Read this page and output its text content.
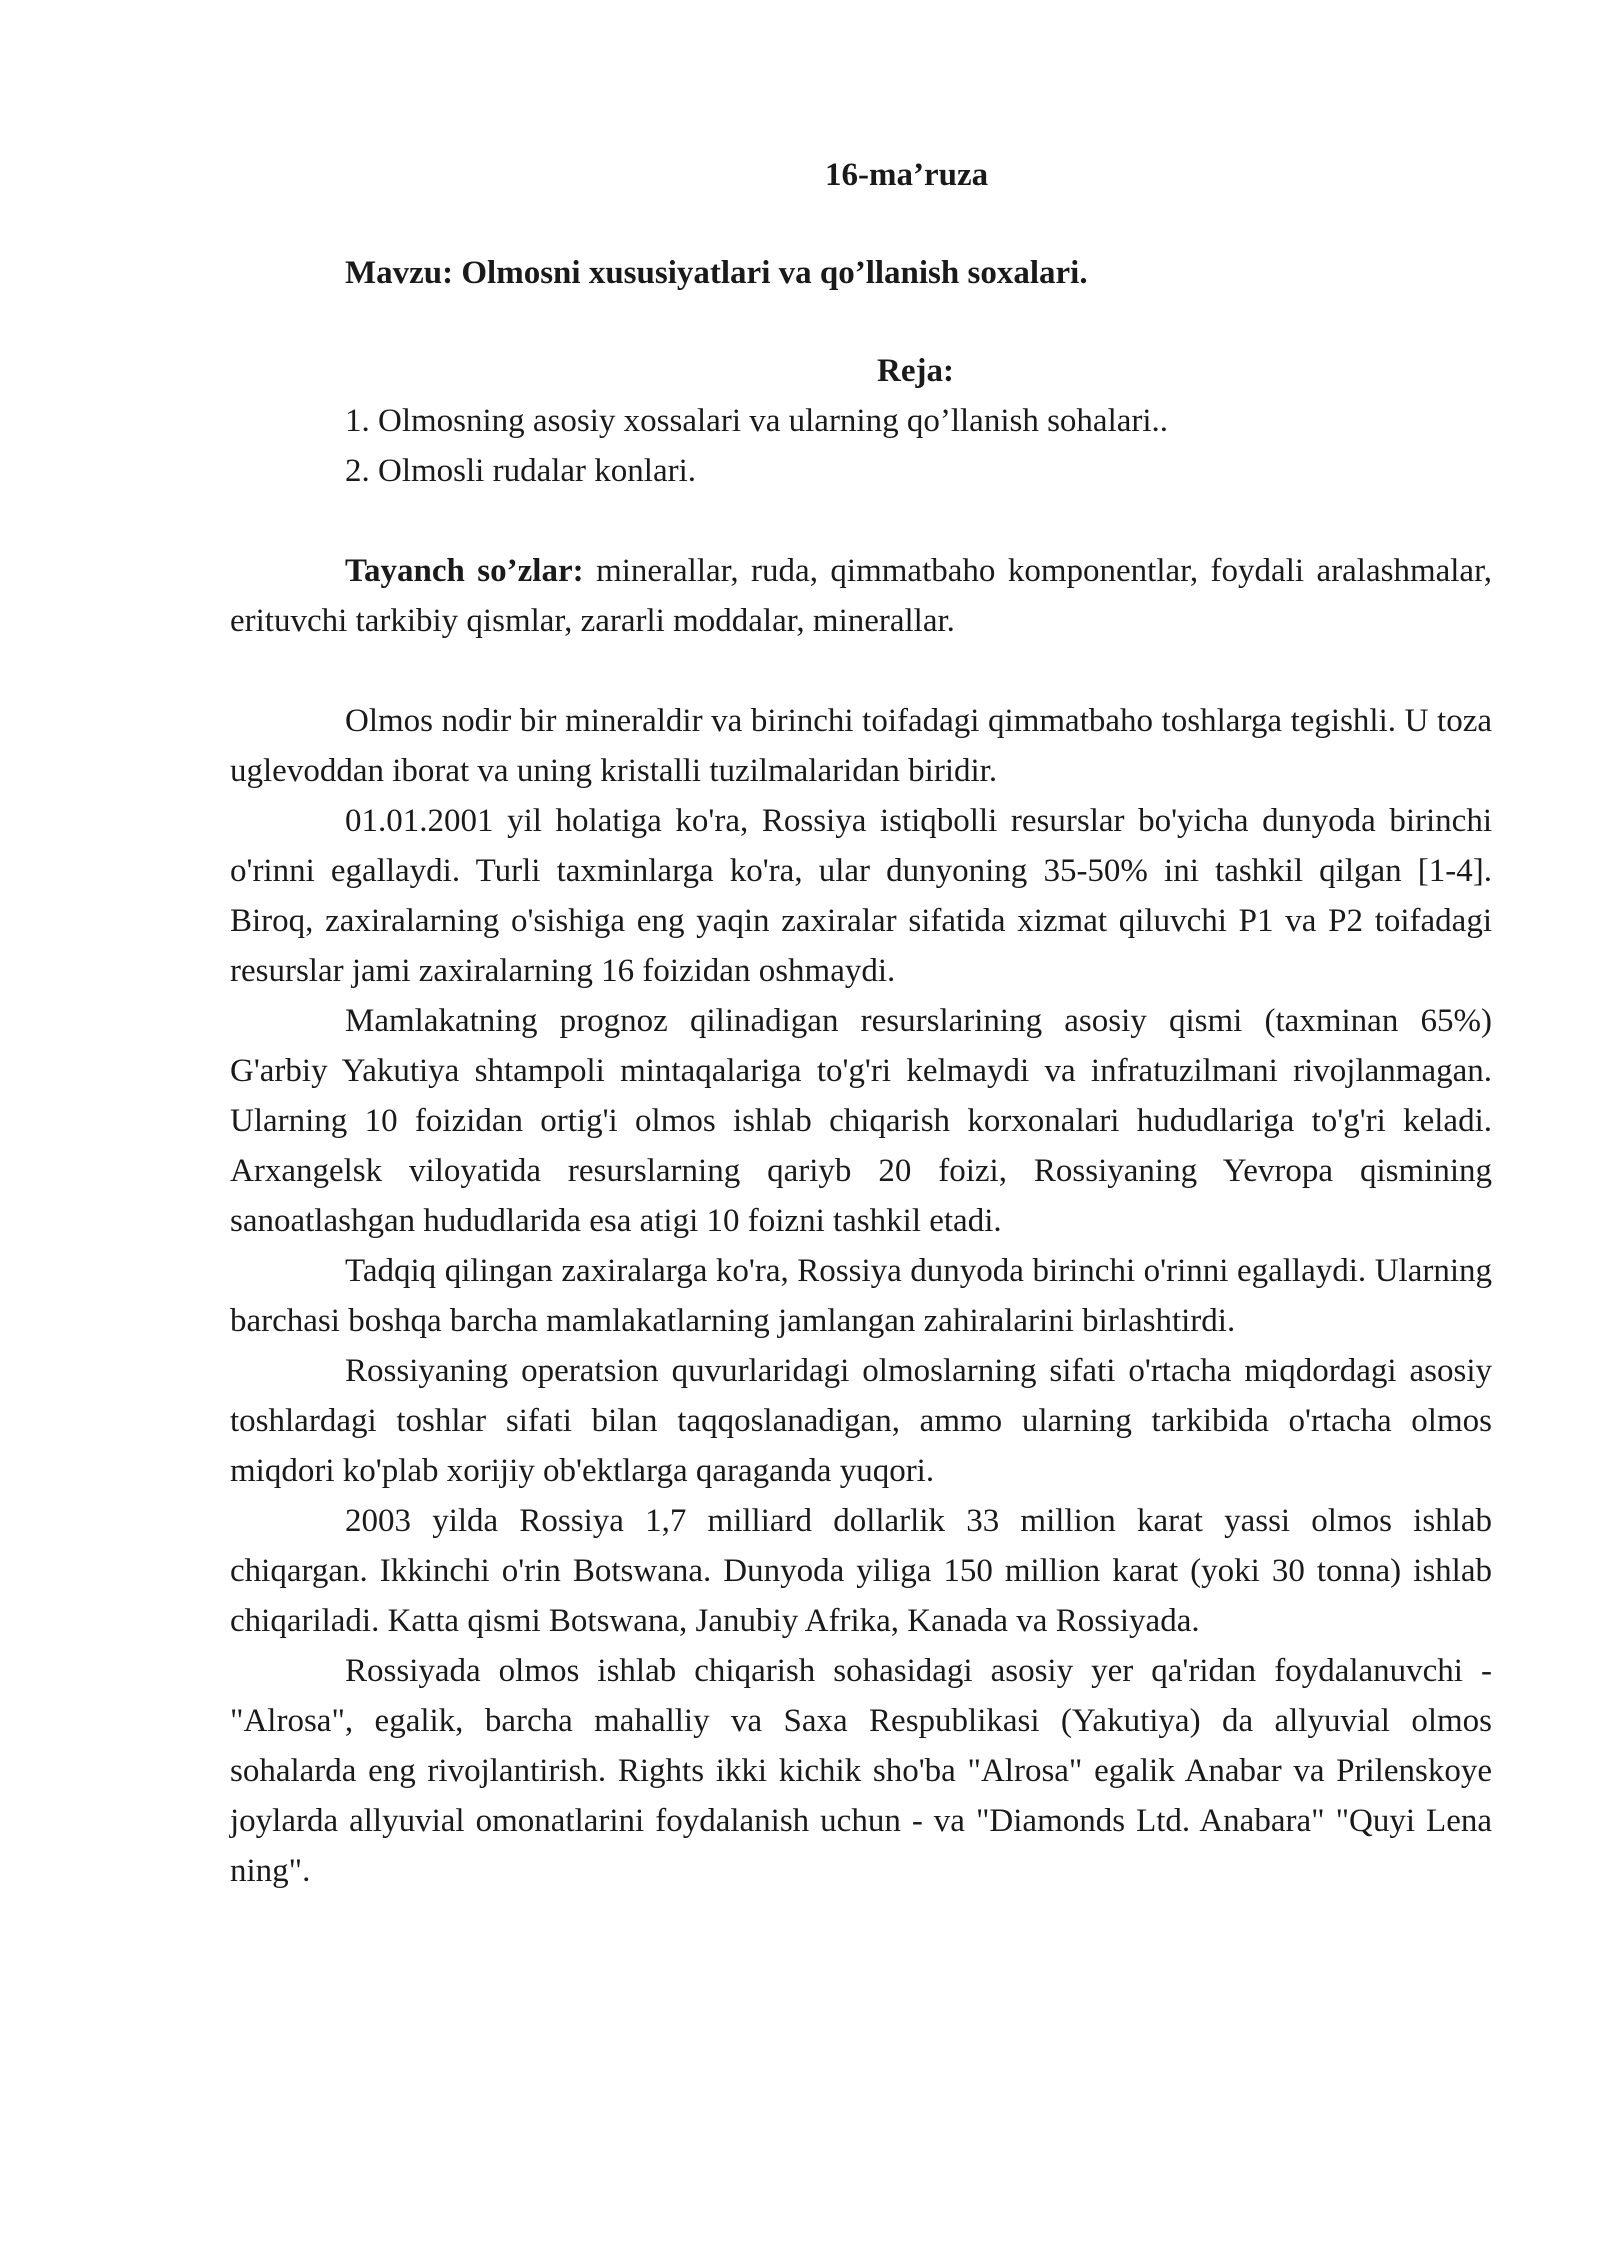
16-ma’ruza
Mavzu: Olmosni xususiyatlari va qo’llanish soxalari.
Reja:
1. Olmosning asosiy xossalari va ularning qo’llanish sohalari..
2. Olmosli rudalar konlari.

Tayanch so’zlar: minerallar, ruda, qimmatbaho komponentlar, foydali aralashmalar, erituvchi tarkibiy qismlar, zararli moddalar, minerallar.

Olmos nodir bir mineraldir va birinchi toifadagi qimmatbaho toshlarga tegishli. U toza uglevoddan iborat va uning kristalli tuzilmalaridan biridir.

01.01.2001 yil holatiga ko'ra, Rossiya istiqbolli resurslar bo'yicha dunyoda birinchi o'rinni egallaydi. Turli taxminlarga ko'ra, ular dunyoning 35-50% ini tashkil qilgan [1-4]. Biroq, zaxiralarning o'sishiga eng yaqin zaxiralar sifatida xizmat qiluvchi P1 va P2 toifadagi resurslar jami zaxiralarning 16 foizidan oshmaydi.

Mamlakatning prognoz qilinadigan resurslarining asosiy qismi (taxminan 65%) G'arbiy Yakutiya shtampoli mintaqalariga to'g'ri kelmaydi va infratuzilmani rivojlanmagan. Ularning 10 foizidan ortig'i olmos ishlab chiqarish korxonalari hududlariga to'g'ri keladi. Arxangelsk viloyatida resurslarning qariyb 20 foizi, Rossiyaning Yevropa qismining sanoatlashgan hududlarida esa atigi 10 foizni tashkil etadi.

Tadqiq qilingan zaxiralarga ko'ra, Rossiya dunyoda birinchi o'rinni egallaydi. Ularning barchasi boshqa barcha mamlakatlarning jamlangan zahiralarini birlashtirdi.

Rossiyaning operatsion quvurlaridagi olmoslarning sifati o'rtacha miqdordagi asosiy toshlardagi toshlar sifati bilan taqqoslanadigan, ammo ularning tarkibida o'rtacha olmos miqdori ko'plab xorijiy ob'ektlarga qaraganda yuqori.

2003 yilda Rossiya 1,7 milliard dollarlik 33 million karat yassi olmos ishlab chiqargan. Ikkinchi o'rin Botswana. Dunyoda yiliga 150 million karat (yoki 30 tonna) ishlab chiqariladi. Katta qismi Botswana, Janubiy Afrika, Kanada va Rossiyada.

Rossiyada olmos ishlab chiqarish sohasidagi asosiy yer qa'ridan foydalanuvchi - "Alrosa", egalik, barcha mahalliy va Saxa Respublikasi (Yakutiya) da allyuvial olmos sohalarda eng rivojlantirish. Rights ikki kichik sho'ba "Alrosa" egalik Anabar va Prilenskoye joylarda allyuvial omonatlarini foydalanish uchun - va "Diamonds Ltd. Anabara" "Quyi Lena ning".
